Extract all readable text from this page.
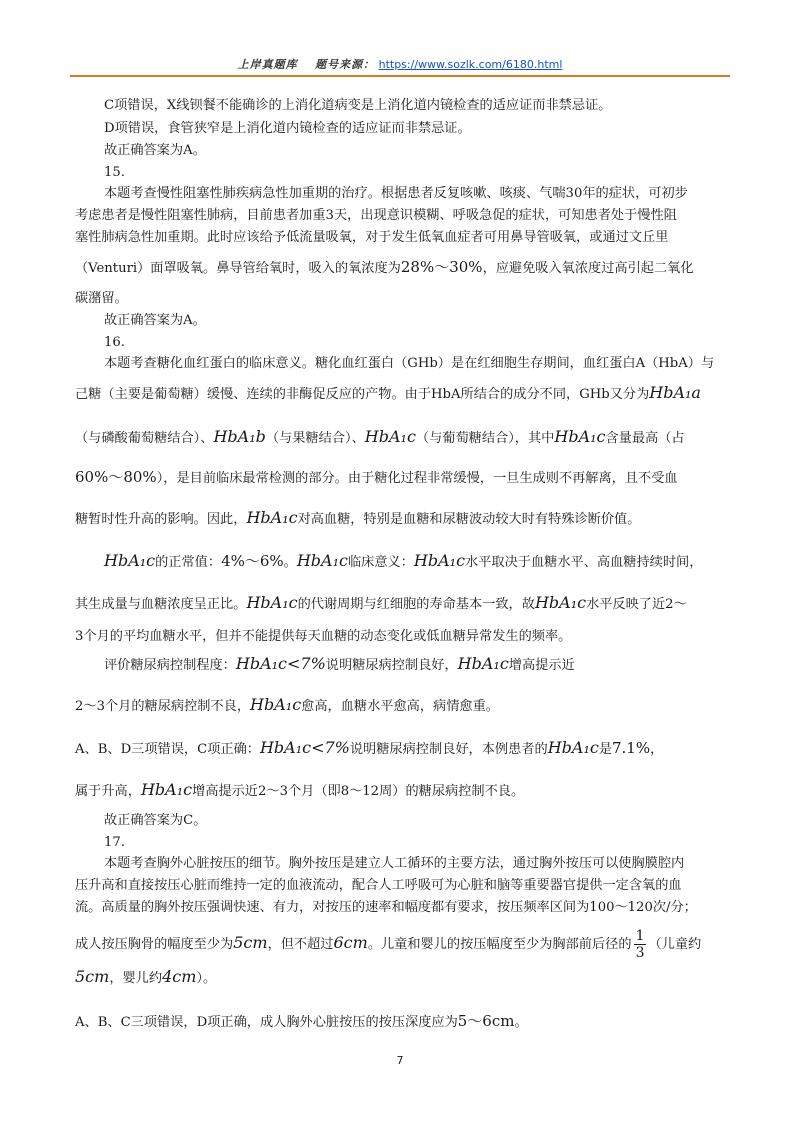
上岸真题库 题号来源： https://www.sozlk.com/6180.html
C项错误，X线钡餐不能确诊的上消化道病变是上消化道内镜检查的适应证而非禁忌证。
D项错误，食管狭窄是上消化道内镜检查的适应证而非禁忌证。
故正确答案为A。
15.
本题考查慢性阻塞性肺疾病急性加重期的治疗。根据患者反复咳嗽、咳痰、气喘30年的症状，可初步
考虑患者是慢性阻塞性肺病，目前患者加重3天，出现意识模糊、呼吸急促的症状，可知患者处于慢性阻
塞性肺病急性加重期。此时应该给予低流量吸氧，对于发生低氧血症者可用鼻导管吸氧，或通过文丘里
（Venturi）面罩吸氧。鼻导管给氧时，吸入的氧浓度为28%～30%，应避免吸入氧浓度过高引起二氧化
碳潴留。
故正确答案为A。
16.
本题考查糖化血红蛋白的临床意义。糖化血红蛋白（GHb）是在红细胞生存期间，血红蛋白A（HbA）与
己糖（主要是葡萄糖）缓慢、连续的非酶促反应的产物。由于HbA所结合的成分不同，GHb又分为HbA₁a
（与磷酸葡萄糖结合）、HbA₁b（与果糖结合）、HbA₁c（与葡萄糖结合），其中HbA₁c含量最高（占
60%～80%），是目前临床最常检测的部分。由于糖化过程非常缓慢，一旦生成则不再解离，且不受血
糖暂时性升高的影响。因此，HbA₁c对高血糖，特别是血糖和尿糖波动较大时有特殊诊断价值。
HbA₁c的正常值：4%～6%。HbA₁c临床意义：HbA₁c水平取决于血糖水平、高血糖持续时间，
其生成量与血糖浓度呈正比。HbA₁c的代谢周期与红细胞的寿命基本一致，故HbA₁c水平反映了近2～
3个月的平均血糖水平，但并不能提供每天血糖的动态变化或低血糖异常发生的频率。
评价糖尿病控制程度：HbA₁c<7%说明糖尿病控制良好，HbA₁c增高提示近
2～3个月的糖尿病控制不良，HbA₁c愈高，血糖水平愈高，病情愈重。
A、B、D三项错误，C项正确：HbA₁c<7%说明糖尿病控制良好，本例患者的HbA₁c是7.1%，
属于升高，HbA₁c增高提示近2～3个月（即8～12周）的糖尿病控制不良。
故正确答案为C。
17.
本题考查胸外心脏按压的细节。胸外按压是建立人工循环的主要方法，通过胸外按压可以使胸膜腔内
压升高和直接按压心脏而维持一定的血液流动，配合人工呼吸可为心脏和脑等重要器官提供一定含氧的血
流。高质量的胸外按压强调快速、有力，对按压的速率和幅度都有要求，按压频率区间为100～120次/分；
成人按压胸骨的幅度至少为5cm，但不超过6cm。儿童和婴儿的按压幅度至少为胸部前后径的 $\frac{1}{3}$ （儿童约
5cm，婴儿约4cm）。
A、B、C三项错误，D项正确，成人胸外心脏按压的按压深度应为5～6cm。
7
